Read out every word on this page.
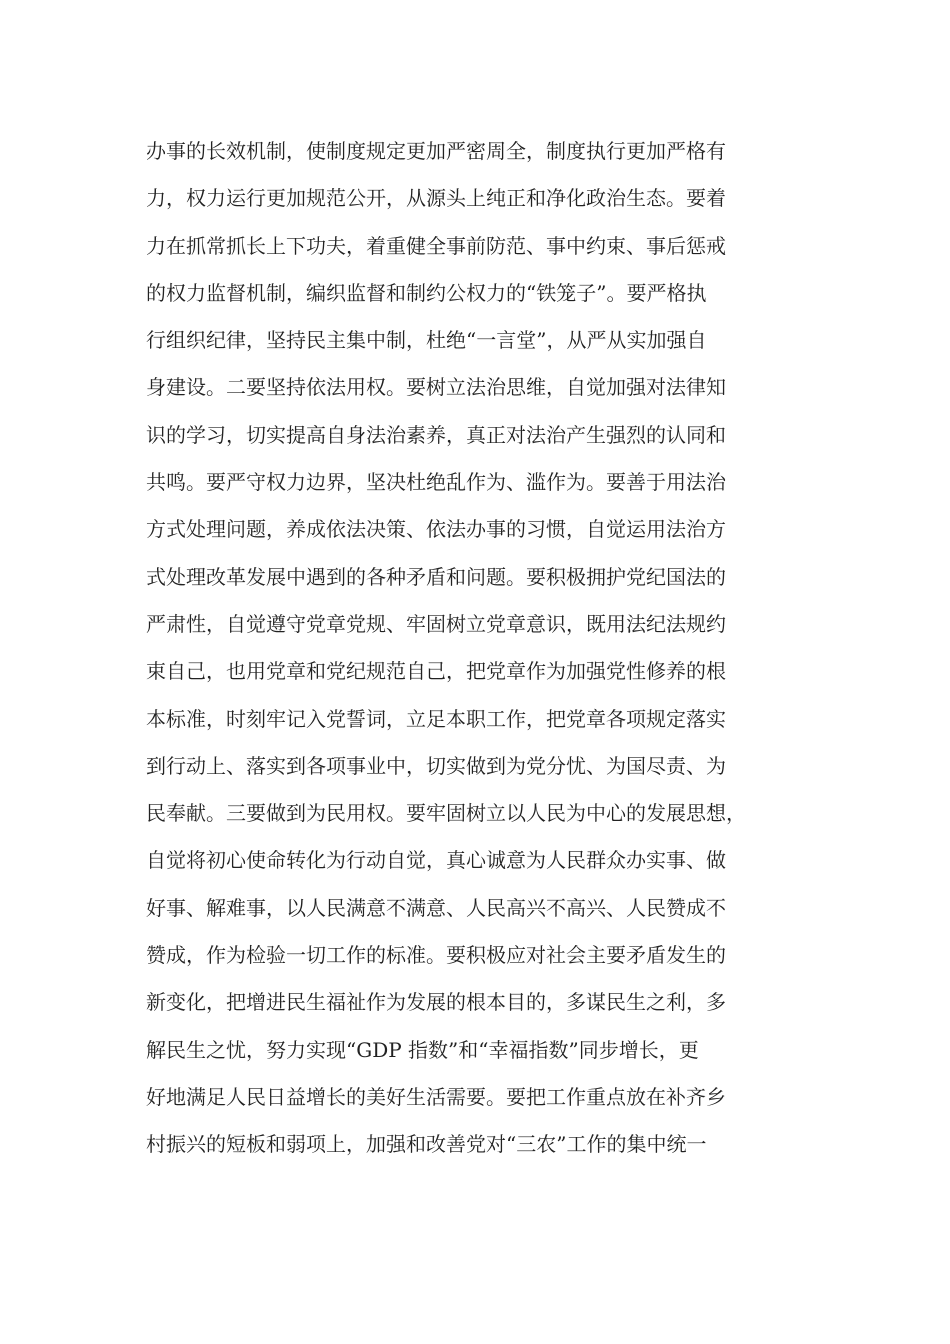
办事的长效机制，使制度规定更加严密周全，制度执行更加严格有
力，权力运行更加规范公开，从源头上纯正和净化政治生态。要着
力在抓常抓长上下功夫，着重健全事前防范、事中约束、事后惩戒
的权力监督机制，编织监督和制约公权力的“铁笼子”。要严格执
行组织纪律，坚持民主集中制，杜绝“一言堂”，从严从实加强自
身建设。二要坚持依法用权。要树立法治思维，自觉加强对法律知
识的学习，切实提高自身法治素养，真正对法治产生强烈的认同和
共鸣。要严守权力边界，坚决杜绝乱作为、滥作为。要善于用法治
方式处理问题，养成依法决策、依法办事的习惯，自觉运用法治方
式处理改革发展中遇到的各种矛盾和问题。要积极拥护党纪国法的
严肃性，自觉遵守党章党规、牢固树立党章意识，既用法纪法规约
束自己，也用党章和党纪规范自己，把党章作为加强党性修养的根
本标准，时刻牢记入党誓词，立足本职工作，把党章各项规定落实
到行动上、落实到各项事业中，切实做到为党分忧、为国尽责、为
民奉献。三要做到为民用权。要牢固树立以人民为中心的发展思想，
自觉将初心使命转化为行动自觉，真心诚意为人民群众办实事、做
好事、解难事，以人民满意不满意、人民高兴不高兴、人民赞成不
赞成，作为检验一切工作的标准。要积极应对社会主要矛盾发生的
新变化，把增进民生福祉作为发展的根本目的，多谋民生之利，多
解民生之忧，努力实现“GDP 指数”和“幸福指数”同步增长，更
好地满足人民日益增长的美好生活需要。要把工作重点放在补齐乡
村振兴的短板和弱项上，加强和改善党对“三农”工作的集中统一
